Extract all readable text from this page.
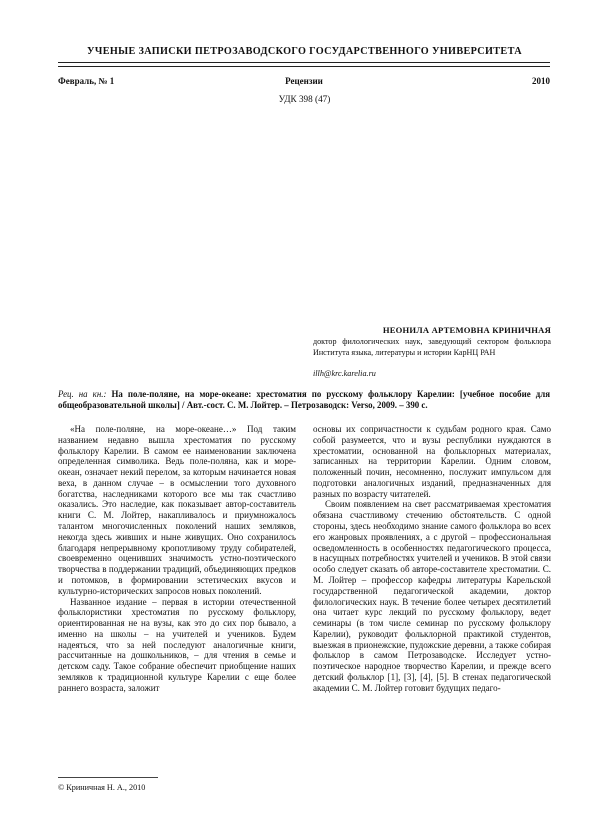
УЧЕНЫЕ ЗАПИСКИ ПЕТРОЗАВОДСКОГО ГОСУДАРСТВЕННОГО УНИВЕРСИТЕТА
Февраль, № 1	Рецензии	2010
УДК 398 (47)
НЕОНИЛА АРТЕМОВНА КРИНИЧНАЯ
доктор филологических наук, заведующий сектором фольклора Института языка, литературы и истории КарНЦ РАН
illh@krc.karelia.ru
Рец. на кн.: На поле-поляне, на море-океане: хрестоматия по русскому фольклору Карелии: [учебное пособие для общеобразовательной школы] / Авт.-сост. С. М. Лойтер. – Петрозаводск: Verso, 2009. – 390 с.

«На поле-поляне, на море-океане…» Под таким названием недавно вышла хрестоматия по русскому фольклору Карелии. В самом ее наименовании заключена определенная символика. Ведь поле-поляна, как и море-океан, означает некий перелом, за которым начинается новая веха, в данном случае – в осмыслении того духовного богатства, наследниками которого все мы так счастливо оказались. Это наследие, как показывает автор-составитель книги С. М. Лойтер, накапливалось и приумножалось талантом многочисленных поколений наших земляков, некогда здесь живших и ныне живущих. Оно сохранилось благодаря непрерывному кропотливому труду собирателей, своевременно оценивших значимость устно-поэтического творчества в поддержании традиций, объединяющих предков и потомков, в формировании эстетических вкусов и культурно-исторических запросов новых поколений.

Названное издание – первая в истории отечественной фольклористики хрестоматия по русскому фольклору, ориентированная не на вузы, как это до сих пор бывало, а именно на школы – на учителей и учеников. Будем надеяться, что за ней последуют аналогичные книги, рассчитанные на дошкольников, – для чтения в семье и детском саду. Такое собрание обеспечит приобщение наших земляков к традиционной культуре Карелии с еще более раннего возраста, заложит

основы их сопричастности к судьбам родного края. Само собой разумеется, что и вузы республики нуждаются в хрестоматии, основанной на фольклорных материалах, записанных на территории Карелии. Одним словом, положенный почин, несомненно, послужит импульсом для подготовки аналогичных изданий, предназначенных для разных по возрасту читателей.

Своим появлением на свет рассматриваемая хрестоматия обязана счастливому стечению обстоятельств. С одной стороны, здесь необходимо знание самого фольклора во всех его жанровых проявлениях, а с другой – профессиональная осведомленность в особенностях педагогического процесса, в насущных потребностях учителей и учеников. В этой связи особо следует сказать об авторе-составителе хрестоматии. С. М. Лойтер – профессор кафедры литературы Карельской государственной педагогической академии, доктор филологических наук. В течение более четырех десятилетий она читает курс лекций по русскому фольклору, ведет семинары (в том числе семинар по русскому фольклору Карелии), руководит фольклорной практикой студентов, выезжая в прионежские, пудожские деревни, а также собирая фольклор в самом Петрозаводске. Исследует устно-поэтическое народное творчество Карелии, и прежде всего детский фольклор [1], [3], [4], [5]. В стенах педагогической академии С. М. Лойтер готовит будущих педаго-

© Криничная Н. А., 2010
